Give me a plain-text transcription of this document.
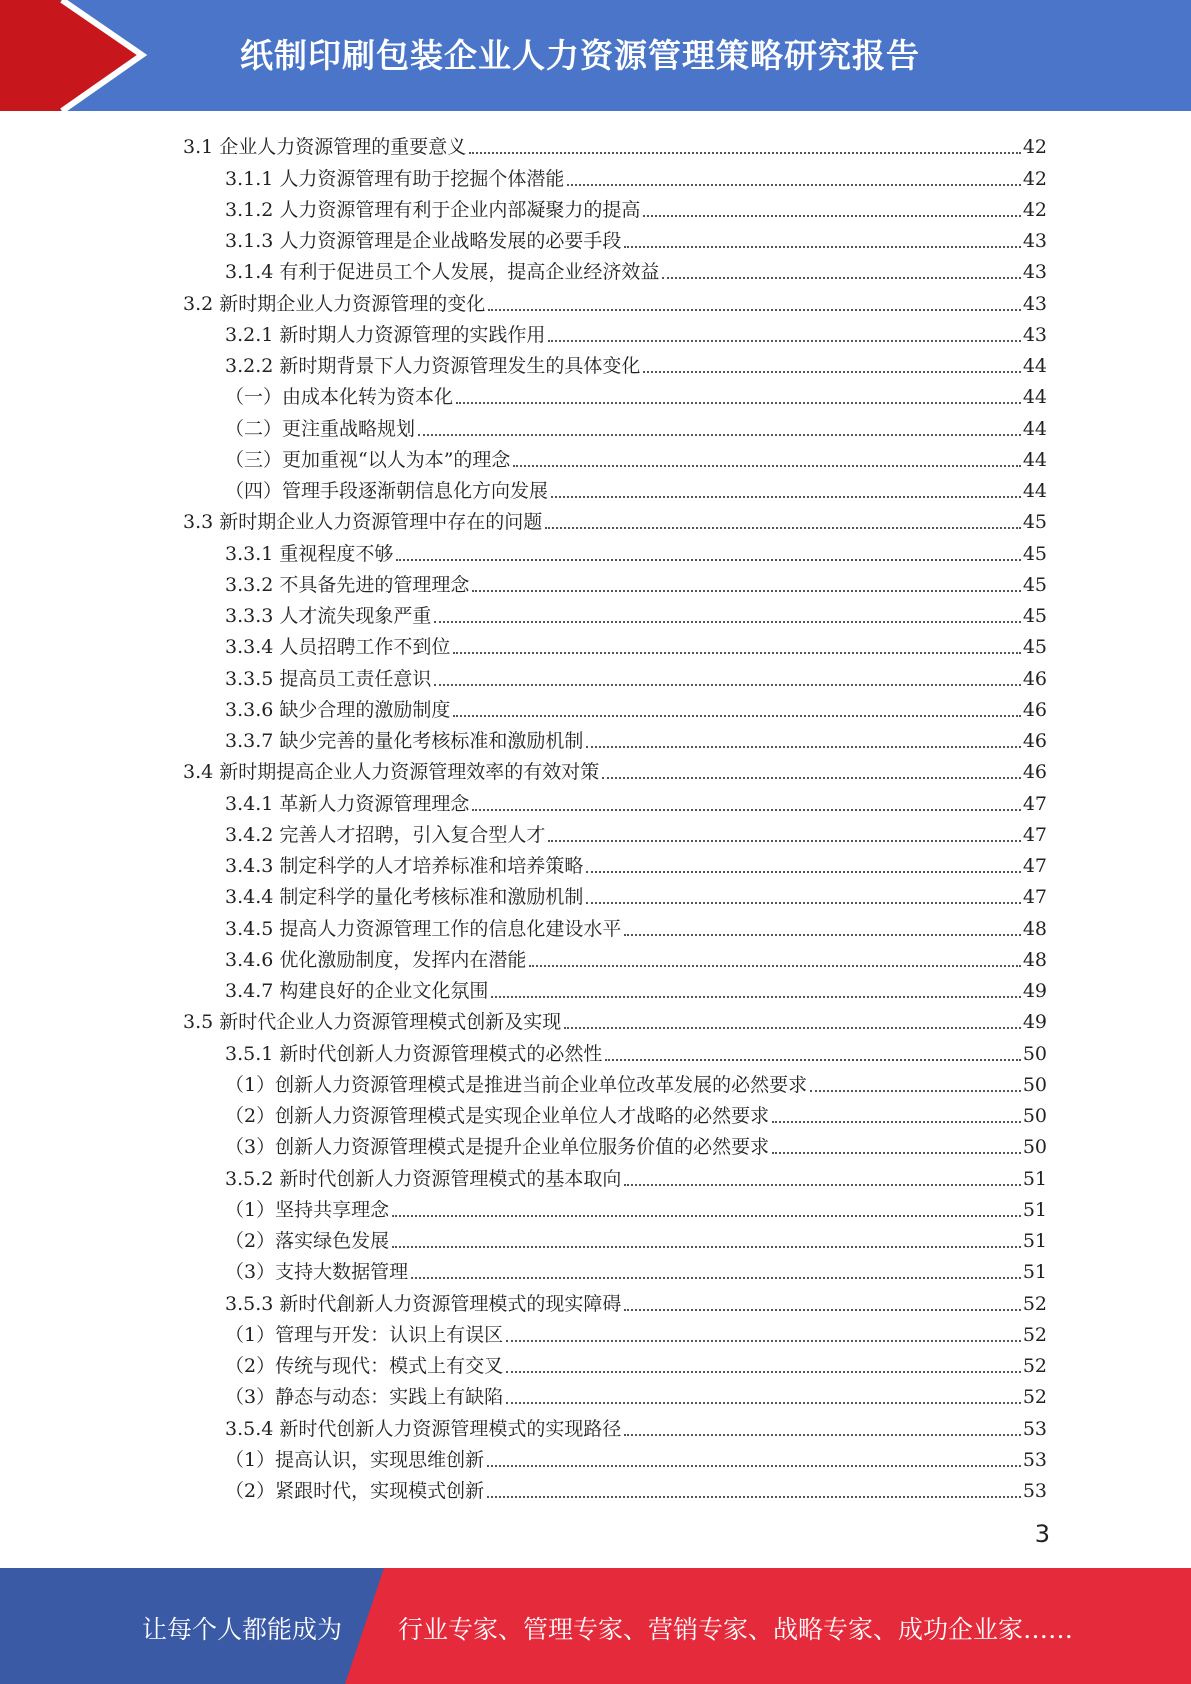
纸制印刷包装企业人力资源管理策略研究报告
3.1 企业人力资源管理的重要意义	42
3.1.1 人力资源管理有助于挖掘个体潜能	42
3.1.2 人力资源管理有利于企业内部凝聚力的提高	42
3.1.3 人力资源管理是企业战略发展的必要手段	43
3.1.4 有利于促进员工个人发展，提高企业经济效益	43
3.2 新时期企业人力资源管理的变化	43
3.2.1 新时期人力资源管理的实践作用	43
3.2.2 新时期背景下人力资源管理发生的具体变化	44
（一）由成本化转为资本化	44
（二）更注重战略规划	44
（三）更加重视“以人为本”的理念	44
（四）管理手段逐渐朝信息化方向发展	44
3.3 新时期企业人力资源管理中存在的问题	45
3.3.1 重视程度不够	45
3.3.2 不具备先进的管理理念	45
3.3.3 人才流失现象严重	45
3.3.4 人员招聘工作不到位	45
3.3.5 提高员工责任意识	46
3.3.6 缺少合理的激励制度	46
3.3.7 缺少完善的量化考核标准和激励机制	46
3.4 新时期提高企业人力资源管理效率的有效对策	46
3.4.1 革新人力资源管理理念	47
3.4.2 完善人才招聘，引入复合型人才	47
3.4.3 制定科学的人才培养标准和培养策略	47
3.4.4 制定科学的量化考核标准和激励机制	47
3.4.5 提高人力资源管理工作的信息化建设水平	48
3.4.6 优化激励制度，发挥内在潜能	48
3.4.7 构建良好的企业文化氛围	49
3.5 新时代企业人力资源管理模式创新及实现	49
3.5.1 新时代创新人力资源管理模式的必然性	50
（1）创新人力资源管理模式是推进当前企业单位改革发展的必然要求	50
（2）创新人力资源管理模式是实现企业单位人才战略的必然要求	50
（3）创新人力资源管理模式是提升企业单位服务价值的必然要求	50
3.5.2 新时代创新人力资源管理模式的基本取向	51
（1）坚持共享理念	51
（2）落实绿色发展	51
（3）支持大数据管理	51
3.5.3 新时代創新人力资源管理模式的现实障碍	52
（1）管理与开发：认识上有误区	52
（2）传统与现代：模式上有交叉	52
（3）静态与动态：实践上有缺陷	52
3.5.4 新时代创新人力资源管理模式的实现路径	53
（1）提高认识，实现思维创新	53
（2）紧跟时代，实现模式创新	53
3
让每个人都能成为 行业专家、管理专家、营销专家、战略专家、成功企业家……
